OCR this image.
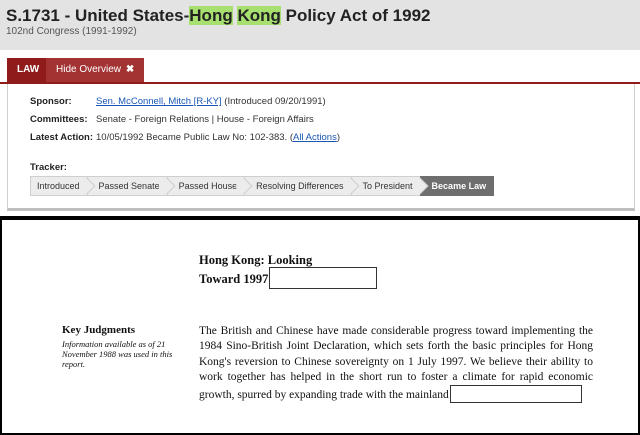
S.1731 - United States-Hong Kong Policy Act of 1992
102nd Congress (1991-1992)
LAW	Hide Overview ✖
Sponsor:	Sen. McConnell, Mitch [R-KY] (Introduced 09/20/1991)
Committees: Senate - Foreign Relations | House - Foreign Affairs
Latest Action: 10/05/1992 Became Public Law No: 102-383. (All Actions)
Tracker:
Introduced	Passed Senate	Passed House	Resolving Differences	To President	Became Law
Hong Kong: Looking
Toward 1997
Key Judgments
Information available as of 21 November 1988 was used in this report.
The British and Chinese have made considerable progress toward implementing the 1984 Sino-British Joint Declaration, which sets forth the basic principles for Hong Kong's reversion to Chinese sovereignty on 1 July 1997. We believe their ability to work together has helped in the short run to foster a climate for rapid economic growth, spurred by expanding trade with the mainland
